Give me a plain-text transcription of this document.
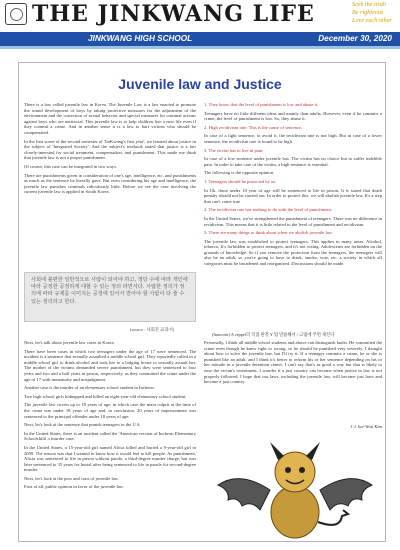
THE JINKWANG LIFE	Seek the truth
Be righteous
Love each other
JINKWANG HIGH SCHOOL	December 30, 2020
Juvenile law and Justice

There is a law called juvenile law in Korea. The Juvenile Law is a law enacted to promote the sound development of boys by taking protective measures for the adjustment of the environment and the correction of sexual behavior and special measures for criminal actions against boys who are antisocial. This juvenile law is to help children live a new life even if they commit a crime. And in another sense it is a law to hurt victims who should be compensated.

In the first scene of the second semester of 'JinKwang's first year', we learned about justice in the subject of 'Integrated Society'. And the subject's textbook stated that justice is a fair closely-intersted for social treatment, compensation, and punishment. This made me think that juvenile law is not a proper punishment.

Of course, this case can be integrated in two ways.

There are punishments given in consideration of one's age, intelligence, etc. and punishments as much as the sentence he literally gave. But even considering his age and intelligence, the juvenile law punishes criminals ridiculously little. Before we see the case involving the current juvenile law is applied in South Korea.

사회에 불편한 일반적으로 사람이 되어야 하고, 정당 수에 따라 개인에 따라 공정한 공정하게 대할 수 있는 정의 라면서다. 사람한 정의가 정의에 따라 규제를 이미지는 공정에 있어서 받아야 할 사람이 다 줄 수 있는 정의라고 한다.
(source : 사회문 교과서)

Next, let's talk about juvenile law cases in Korea.

There have been cases in which two teenagers under the age of 17 were sentenced. The incident is a sentence that sexually assaulted a middle school girl. They reportedly called in a middle school girl to drink alcohol and took her to a lodging house to sexually assault her. The mother of the victims demanded severe punishment, but they were sentenced to four years and two and a half years in prison, respectively, as they committed the crime under the age of 17 with immaturity and misjudgment.

Another case is the murder of an elementary school student in Incheon.

Two high school girls kidnapped and killed an eight-year-old elementary school student.

The juvenile law covers up to 18 years of age, in which case the main culprit at the time of the crime was under 18 years of age and, in conclusion, 20 years of imprisonment was sentenced to the principal offender under 18 years of age.

Next, let's look at the sentence that punish teenagers in the U.S.

In the United States, there is an incident called the 'American version of Incheon Elementary Schoolchild .s murder case.'

In the United States, a 15-year-old girl named Alicia killed and buried a 9-year-old girl in 2009. The reason was that I wanted to know how it would feel to kill people. As punishment, Alicia was sentenced to life in prison without parole, a third-degree murder charge, but was later sentenced to 35 years for burial after being sentenced to life in parole for second-degree murder.

Next, let's look at the pros and cons of juvenile law.

First of all, public opinion in favor of the juvenile law.

1. They know that the level of punishment is low and abuse it.

Teenagers have no little different ideas and mainly than adults. However, even if he commits a crime, the level of punishment is low. So, they abuse it.

2. High recidivism rate. This is the cause of sentence.

In case of a light sentence, to avoid it, the recidivism rate is not high. But in case of a lower sentence, the recidivism rate is found to be high.

3. The victim has to live in pain.

In case of a low sentence under juvenile law, The victim has no choice but to suffer indelible pain. In order to take care of the victim, a high sentence is essential.

The following is the opposite opinion.

1. Teenagers should be protected by us.

In Uk, those under 18 year of age will be sentenced to life in prison, It is stated that death penalty should not be carried out. In order to protect this, we will abolish juvenile law, It's a step that can't come true

2. The recidivism rate has nothing to do with the level of punishment.

In the United States, we've strengthened the punishment of teenagers. There was no difference in recidivism. This means that it is little related to the level of punishment and recidivism.

3. There are many things to think about when we abolish juvenile law.

The juvenile law was established to protect teenagers. This applies in many areas. Alcohol, tobacco. It's forbidden to protect teenagers, and it's not voting. Adolescents are forbidden on the grounds of knowledge. So if you remove the protection from the teenagers, the teenagers will also be an adult, so you're going to have to drink, smoke, vote, etc. a society in which all categories must be broadened and reorganized. Discussions should be made.

(Innocent) A ceppel의 직접 판결 Y 법 말씀해서 / 크림에 주면 제신다

Personally, I think all middle school students and above can distinguish faults. He committed the crime even though he knew right or wrong, so he should be punished very severely. I thought about how to solve the juvenile law, but I'll try it. If a teenager commits a crime, he or she is punished like an adult, and I think it's better to reform his or her sentence depending on his or her attitude in a juvenile detention center. I can't say that's as good a way but that is likely to ease the victim's resentment. I wonder if a just country can become when justice in law is not properly followed. I hope that our laws, including the juvenile law, will become just laws and become a just country.

1-1 Jae-Won Kim
